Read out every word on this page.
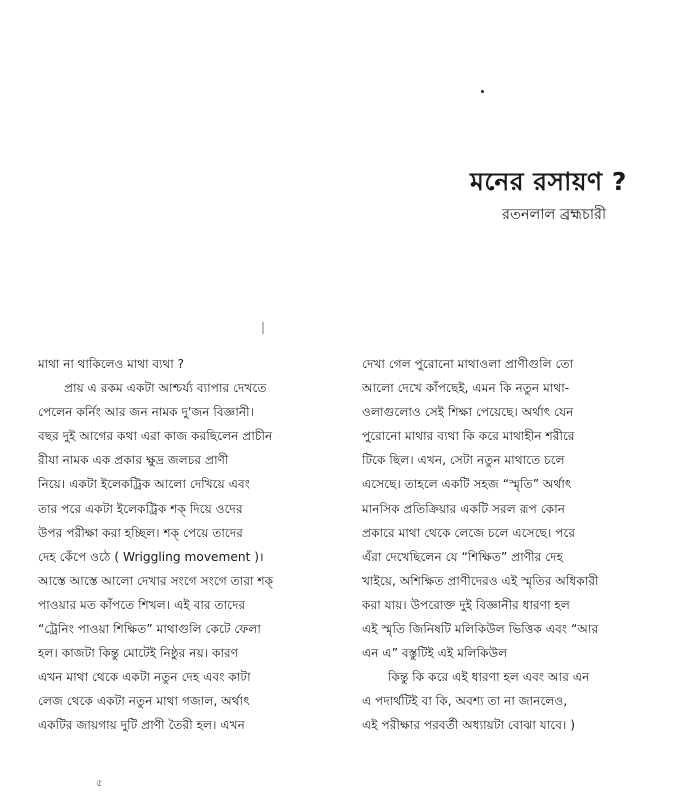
মনের রসায়ণ ?
রতনলাল ব্রহ্মচারী
মাথা না থাকিলেও মাথা ব্যথা ?
প্রায় এ রকম একটা আশ্চর্য্য ব্যাপার দেখতে
পেলেন কর্নিং আর জন নামক দু'জন বিজ্ঞানী।
বছর দুই আগের কথা এরা কাজ করছিলেন প্রাচীন
রীযা নামক এক প্রকার ক্ষুদ্র জলচর প্রাণী
নিয়ে। একটা ইলেকট্রিক আলো দেখিয়ে এবং
তার পরে একটা ইলেকট্রিক শক্ দিয়ে ওদের
উপর পরীক্ষা করা হচ্ছিল। শক্ পেয়ে তাদের
দেহ কেঁপে ওঠে ( Wriggling movement )।
আস্তে আস্তে আলো দেখার সংগে সংগে তারা শক্
পাওয়ার মত কাঁপতে শিখল। এই বার তাদের
“ট্রেনিং পাওয়া শিক্ষিত” মাথাগুলি কেটে ফেলা
হল। কাজটা কিন্তু মোটেই নিষ্ঠুর নয়। কারণ
এখন মাথা থেকে একটা নতুন দেহ এবং কাটা
লেজ থেকে একটা নতুন মাথা গজাল, অর্থাৎ
একটির জায়গায় দুটি প্রাণী তৈরী হল। এখন
দেখা গেল পুরোনো মাথাওলা প্রাণীগুলি তো
আলো দেখে কাঁপছেই, এমন কি নতুন মাথা-
ওলাগুলোও সেই শিক্ষা পেয়েছে। অর্থাৎ যেন
পুরোনো মাথার ব্যথা কি করে মাথাহীন শরীরে
টিকে ছিল। এখন, সেটা নতুন মাথাতে চলে
এসেছে। তাহলে একটি সহজ “স্মৃতি” অর্থাৎ
মানসিক প্রতিক্রিয়ার একটি সরল রূপ কোন
প্রকারে মাথা থেকে লেজে চলে এসেছে। পরে
এঁরা দেখেছিলেন যে “শিক্ষিত” প্রাণীর দেহ
খাইয়ে, অশিক্ষিত প্রাণীদেরও এই স্মৃতির অধিকারী
করা যায়। উপরোক্ত দুই বিজ্ঞানীর ধারণা হল
এই স্মৃতি জিনিষটি মলিকিউল ভিত্তিক এবং “আর
এন এ” বস্তুটিই এই মলিকিউল
কিন্তু কি করে এই ধারণা হল এবং আর এন
এ পদার্থটিই বা কি, অবশ্য তা না জানলেও,
এই পরীক্ষার পরবর্তী অধ্যায়টা বোঝা যাবে। )
৫
